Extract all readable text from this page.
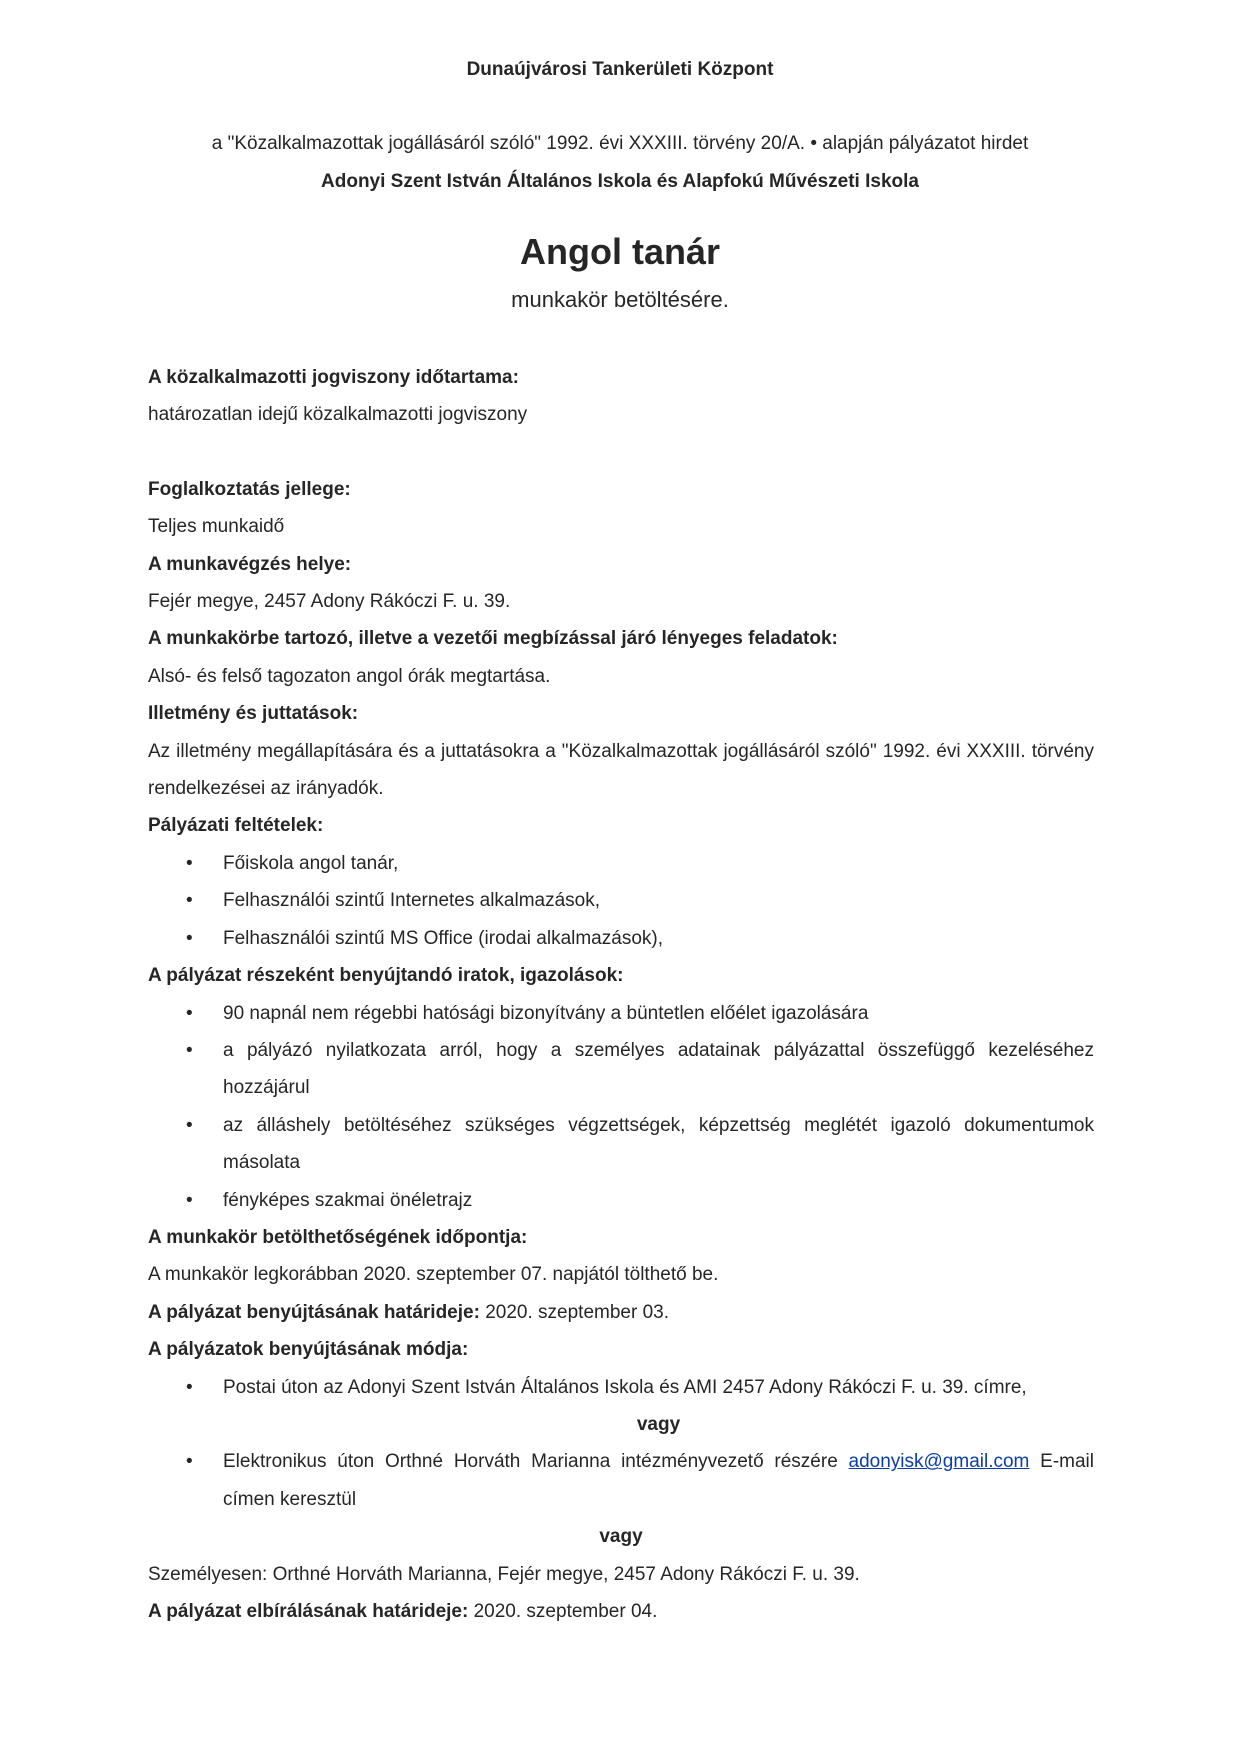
Dunaújvárosi Tankerületi Központ
a "Közalkalmazottak jogállásáról szóló" 1992. évi XXXIII. törvény 20/A. • alapján pályázatot hirdet
Adonyi Szent István Általános Iskola és Alapfokú Művészeti Iskola
Angol tanár
munkakör betöltésére.

A közalkalmazotti jogviszony időtartama:

határozatlan idejű közalkalmazotti jogviszony

Foglalkoztatás jellege:

Teljes munkaidő

A munkavégzés helye:

Fejér megye, 2457 Adony Rákóczi F. u. 39.

A munkakörbe tartozó, illetve a vezetői megbízással járó lényeges feladatok:

Alsó- és felső tagozaton angol órák megtartása.

Illetmény és juttatások:

Az illetmény megállapítására és a juttatásokra a "Közalkalmazottak jogállásáról szóló" 1992. évi XXXIII. törvény rendelkezései az irányadók.

Pályázati feltételek:

• Főiskola angol tanár,
• Felhasználói szintű Internetes alkalmazások,
• Felhasználói szintű MS Office (irodai alkalmazások),

A pályázat részeként benyújtandó iratok, igazolások:

• 90 napnál nem régebbi hatósági bizonyítvány a büntetlen előélet igazolására
• a pályázó nyilatkozata arról, hogy a személyes adatainak pályázattal összefüggő kezeléséhez hozzájárul
• az álláshely betöltéséhez szükséges végzettségek, képzettség meglétét igazoló dokumentumok másolata
• fényképes szakmai önéletrajz

A munkakör betölthetőségének időpontja:

A munkakör legkorábban 2020. szeptember 07. napjától tölthető be.

A pályázat benyújtásának határideje: 2020. szeptember 03.

A pályázatok benyújtásának módja:

• Postai úton az Adonyi Szent István Általános Iskola és AMI 2457 Adony Rákóczi F. u. 39. címre,

vagy

• Elektronikus úton Orthné Horváth Marianna intézményvezető részére adonyisk@gmail.com E-mail címen keresztül

vagy

Személyesen: Orthné Horváth Marianna, Fejér megye, 2457 Adony Rákóczi F. u. 39.

A pályázat elbírálásának határideje: 2020. szeptember 04.
